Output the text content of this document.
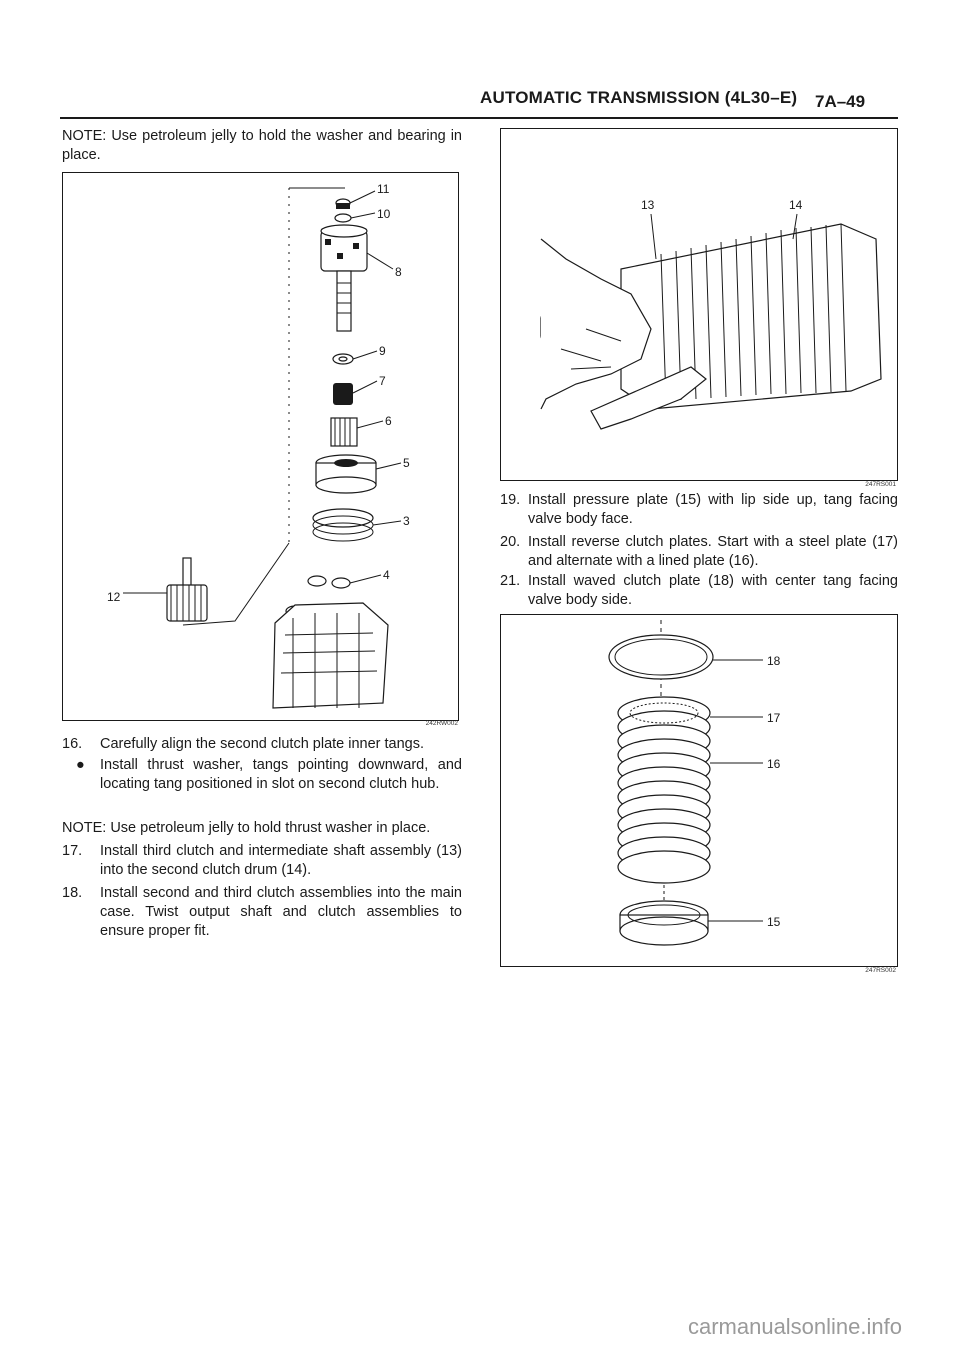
AUTOMATIC TRANSMISSION (4L30–E) 7A–49
NOTE: Use petroleum jelly to hold the washer and bearing in place.
11
10
8
9
7
6
5
3
4
12
242RW002
16.	Carefully align the second clutch plate inner tangs.
●	Install thrust washer, tangs pointing downward, and locating tang positioned in slot on second clutch hub.
NOTE: Use petroleum jelly to hold thrust washer in place.
17.	Install third clutch and intermediate shaft assembly (13) into the second clutch drum (14).
18.	Install second and third clutch assemblies into the main case. Twist output shaft and clutch assemblies to ensure proper fit.
13	14
247RS001
19. Install pressure plate (15) with lip side up, tang facing valve body face.
20. Install reverse clutch plates. Start with a steel plate (17) and alternate with a lined plate (16).
21. Install waved clutch plate (18) with center tang facing valve body side.
18
17
16
15
247RS002
carmanualsonline.info
